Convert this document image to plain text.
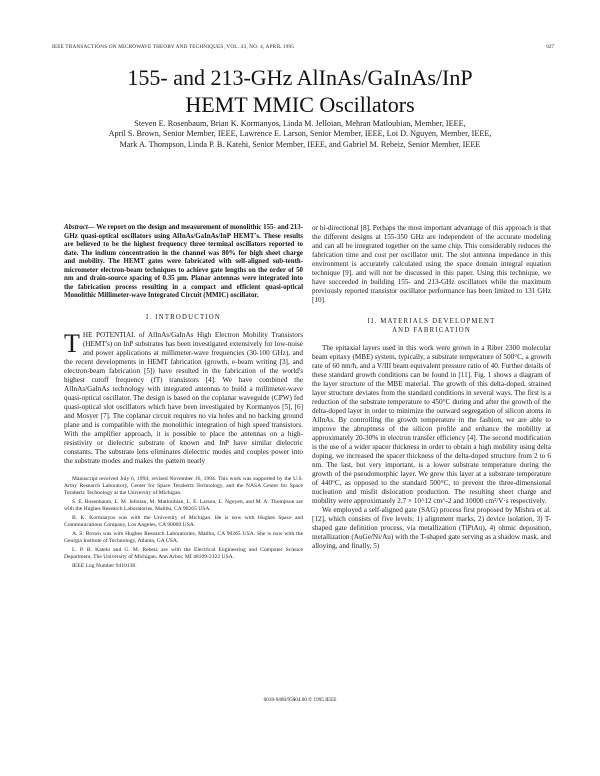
IEEE TRANSACTIONS ON MICROWAVE THEORY AND TECHNIQUES, VOL. 43, NO. 4, APRIL 1995	927
155- and 213-GHz AlInAs/GaInAs/InP
HEMT MMIC Oscillators
Steven E. Rosenbaum, Brian K. Kormanyos, Linda M. Jelloian, Mehran Matloubian, Member, IEEE,
April S. Brown, Senior Member, IEEE, Lawrence E. Larson, Senior Member, IEEE, Loi D. Nguyen, Member, IEEE,
Mark A. Thompson, Linda P. B. Katehi, Senior Member, IEEE, and Gabriel M. Rebeiz, Senior Member, IEEE

Abstract— We report on the design and measurement of monolithic 155- and 213-GHz quasi-optical oscillators using AlInAs/GaInAs/InP HEMT's. These results are believed to be the highest frequency three terminal oscillators reported to date. The indium concentration in the channel was 80% for high sheet charge and mobility. The HEMT gates were fabricated with self-aligned sub-tenth-micrometer electron-beam techniques to achieve gate lengths on the order of 50 nm and drain-source spacing of 0.35 μm. Planar antennas were integrated into the fabrication process resulting in a compact and efficient quasi-optical Monolithic Millimeter-wave Integrated Circuit (MMIC) oscillator.

I. INTRODUCTION

THE POTENTIAL of AlInAs/GaInAs High Electron Mobility Transistors (HEMT's) on InP substrates has been investigated extensively for low-noise and power applications at millimeter-wave frequencies (30-100 GHz), and the recent developments in HEMT fabrication (growth, e-beam writing [3], and electron-beam fabrication [5]) have resulted in the fabrication of the world's highest cutoff frequency (fT) transistors [4]. We have combined the AlInAs/GaInAs technology with integrated antennas to build a millimeter-wave quasi-optical oscillator. The design is based on the coplanar waveguide (CPW) fed quasi-optical slot oscillators which have been investigated by Kormanyos [5], [6] and Mosyer [7]. The coplanar circuit requires no via holes and no backing ground plane and is compatible with the monolithic integration of high speed transistors. With the amplifier approach, it is possible to place the antennas on a high-resistivity or dielectric substrate of known and InP have similar dielectric constants. The substrate lens eliminates dielectric modes and couples power into the substrate modes and makes the pattern nearly

Manuscript received July 6, 1994; revised November 16, 1994. This work was supported by the U.S. Army Research Laboratory, Center for Space Terahertz Technology, and the NASA Center for Space Terahertz Technology at the University of Michigan.

S. E. Rosenbaum, L. M. Jelloian, M. Matloubian, L. E. Larson, L. Nguyen, and M. A. Thompson are with the Hughes Research Laboratories, Malibu, CA 90265 USA.

B. K. Kormanyos was with the University of Michigan. He is now with Hughes Space and Communications Company, Los Angeles, CA 90009 USA.

A. S. Brown was with Hughes Research Laboratories, Malibu, CA 90265 USA. She is now with the Georgia Institute of Technology, Atlanta, GA USA.

L. P. B. Katehi and G. M. Rebeiz are with the Electrical Engineering and Computer Science Department, The University of Michigan, Ann Arbor, MI 48109-2122 USA.

IEEE Log Number 9410138.

or bi-directional [8]. Perhaps the most important advantage of this approach is that the different designs at 155-350 GHz are independent of the accurate modeling and can all be integrated together on the same chip. This considerably reduces the fabrication time and cost per oscillator unit. The slot antenna impedance in this environment is accurately calculated using the space domain integral equation technique [9], and will not be discussed in this paper. Using this technique, we have succeeded in building 155- and 213-GHz oscillators while the maximum previously reported transistor oscillator performance has been limited to 131 GHz [10].

II. MATERIALS DEVELOPMENT
AND FABRICATION

The epitaxial layers used in this work were grown in a Riber 2300 molecular beam epitaxy (MBE) system, typically, a substrate temperature of 500°C, a growth rate of 60 nm/h, and a V/III beam equivalent pressure ratio of 40. Further details of these standard growth conditions can be found in [11]. Fig. 1 shows a diagram of the layer structure of the MBE material. The growth of this delta-doped, strained layer structure deviates from the standard conditions in several ways. The first is a reduction of the substrate temperature to 450°C during and after the growth of the delta-doped layer in order to minimize the outward segregation of silicon atoms in AlInAs. By controlling the growth temperature in the fashion, we are able to improve the abruptness of the silicon profile and enhance the mobility at approximately 20-30% in electron transfer efficiency [4]. The second modification is the use of a wider spacer thickness in order to obtain a high mobility using delta doping, we increased the spacer thickness of the delta-doped structure from 2 to 6 nm. The last, but very important, is a lower substrate temperature during the growth of the pseudomorphic layer. We grew this layer at a substrate temperature of 440°C, as opposed to the standard 500°C, to prevent the three-dimensional nucleation and misfit dislocation production. The resulting sheet charge and mobility were approximately 2.7 × 10^12 cm^-2 and 10000 cm²/V·s respectively.

We employed a self-aligned gate (SAG) process first proposed by Mishra et al. [12], which consists of five levels: 1) alignment marks, 2) device isolation, 3) T-shaped gate definition process, via metallization (TiPtAu), 4) ohmic deposition, metallization (AuGe/Ni/Au) with the T-shaped gate serving as a shadow mask, and alloying, and finally, 5)

0018-9480/95$04.00 © 1995 IEEE
